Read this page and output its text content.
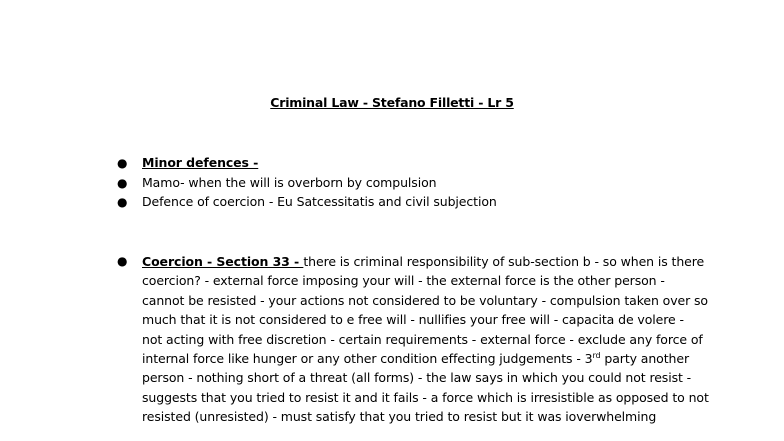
Criminal Law - Stefano Filletti - Lr 5
● Minor defences -
● Mamo- when the will is overborn by compulsion
● Defence of coercion - Eu Satcessitatis and civil subjection
● Coercion - Section 33 - there is criminal responsibility of sub-section b - so when is there
coercion? - external force imposing your will - the external force is the other person -
cannot be resisted - your actions not considered to be voluntary - compulsion taken over so
much that it is not considered to e free will - nullifies your free will - capacita de volere -
not acting with free discretion - certain requirements - external force - exclude any force of
internal force like hunger or any other condition effecting judgements - 3rd party another
person - nothing short of a threat (all forms) - the law says in which you could not resist -
suggests that you tried to resist it and it fails - a force which is irresistible as opposed to not
resisted (unresisted) - must satisfy that you tried to resist but it was ioverwhelming
